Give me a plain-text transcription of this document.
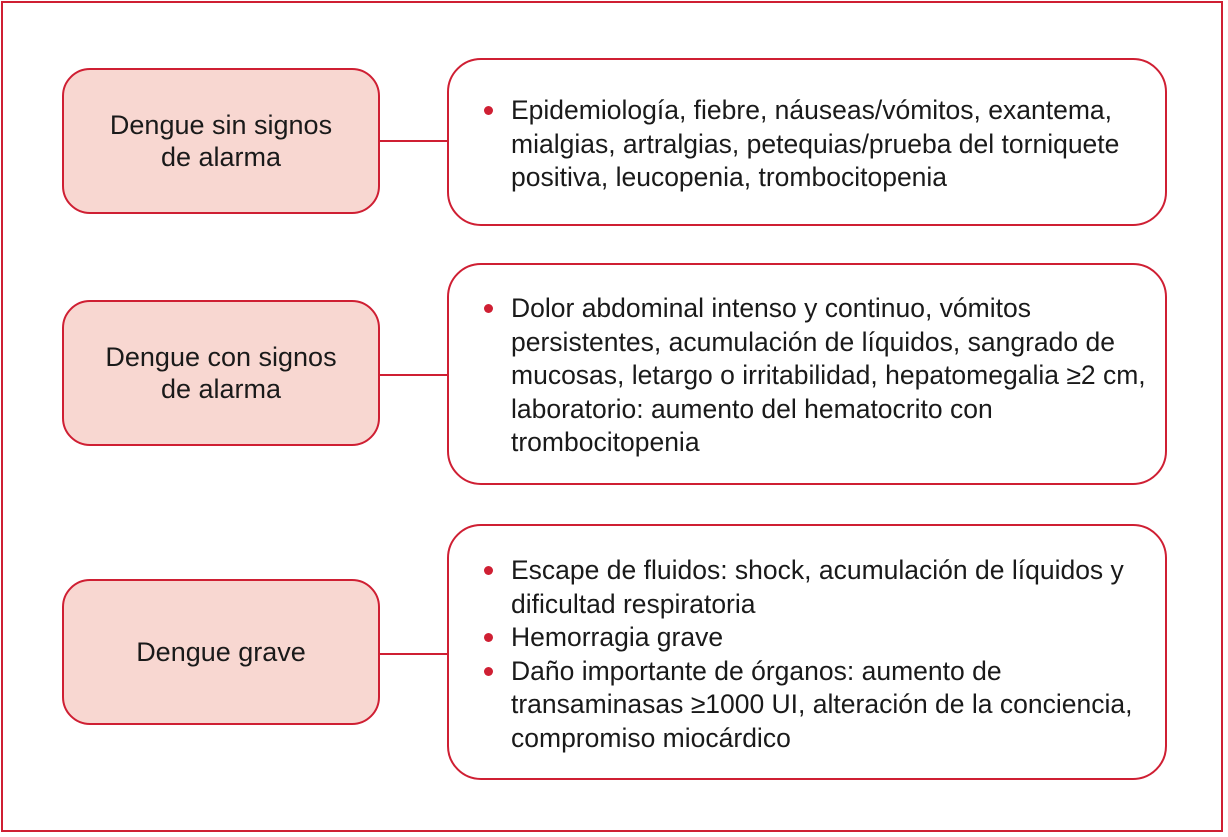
Dengue sin signos de alarma
Epidemiología, fiebre, náuseas/vómitos, exantema, mialgias, artralgias, petequias/prueba del torniquete positiva, leucopenia, trombocitopenia
Dengue con signos de alarma
Dolor abdominal intenso y continuo, vómitos persistentes, acumulación de líquidos, sangrado de mucosas, letargo o irritabilidad, hepatomegalia ≥2 cm, laboratorio: aumento del hematocrito con trombocitopenia
Dengue grave
Escape de fluidos: shock, acumulación de líquidos y dificultad respiratoria
Hemorragia grave
Daño importante de órganos: aumento de transaminasas ≥1000 UI, alteración de la conciencia, compromiso miocárdico
